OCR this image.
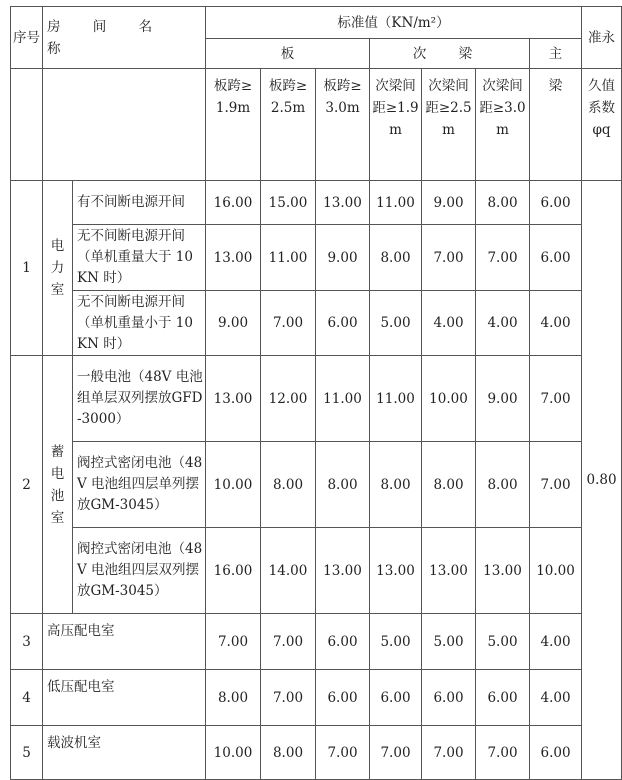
序号	房 间 名 称		标准值（KN/m²）							准永
			板			次 梁			主	
			板跨≥1.9m	板跨≥2.5m	板跨≥3.0m	次梁间距≥1.9m	次梁间距≥2.5m	次梁间距≥3.0m	梁	久值系数φq
1	电力室	有不间断电源开间	16.00	15.00	13.00	11.00	9.00	8.00	6.00	0.80
		无不间断电源开间（单机重量大于 10KN 时）	13.00	11.00	9.00	8.00	7.00	7.00	6.00	
		无不间断电源开间（单机重量小于 10KN 时）	9.00	7.00	6.00	5.00	4.00	4.00	4.00	
2	蓄电池室	一般电池（48V 电池组单层双列摆放GFD-3000）	13.00	12.00	11.00	11.00	10.00	9.00	7.00	
		阀控式密闭电池（48V 电池组四层单列摆放GM-3045）	10.00	8.00	8.00	8.00	8.00	8.00	7.00	
		阀控式密闭电池（48V 电池组四层双列摆放GM-3045）	16.00	14.00	13.00	13.00	13.00	13.00	10.00	
3	高压配电室		7.00	7.00	6.00	5.00	5.00	5.00	4.00	
4	低压配电室		8.00	7.00	6.00	6.00	6.00	6.00	4.00	
5	载波机室		10.00	8.00	7.00	7.00	7.00	7.00	6.00	
